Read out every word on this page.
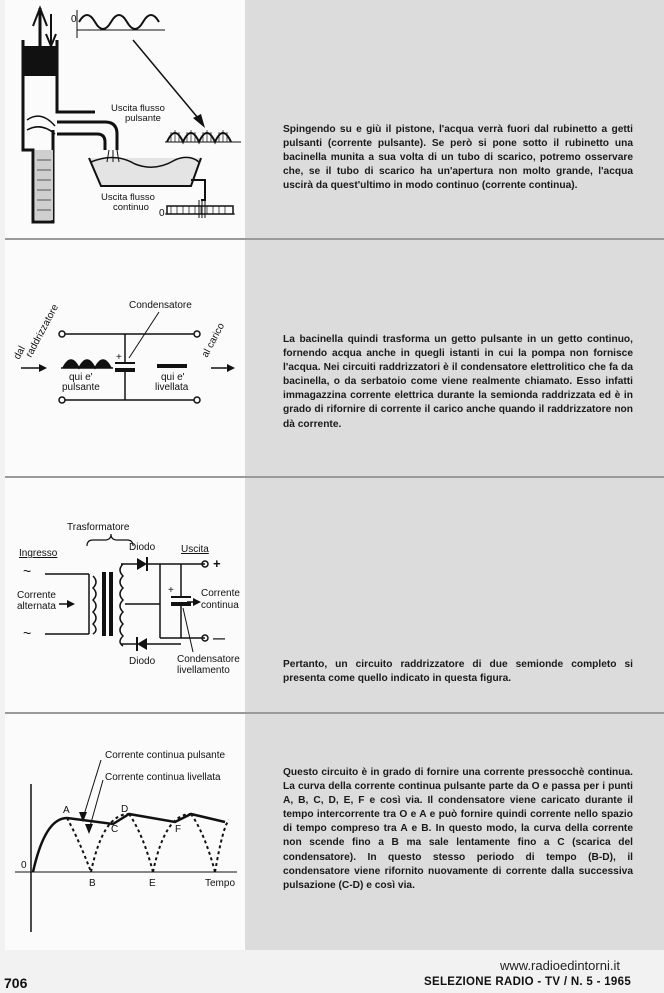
0
0
Uscita flusso
pulsante
Uscita flusso
continuo

Spingendo su e giù il pistone, l'acqua verrà fuori dal rubinetto a getti pulsanti (corrente pulsante). Se però si pone sotto il rubinetto una bacinella munita a sua volta di un tubo di scarico, potremo osservare che, se il tubo di scarico ha un'apertura non molto grande, l'acqua uscirà da quest'ultimo in modo continuo (corrente continua).

+
Condensatore
qui e'
pulsante
qui e'
livellata
dal
raddrizzatore	al carico	La bacinella quindi trasforma un getto pulsante in un getto continuo, fornendo acqua anche in quegli istanti in cui la pompa non fornisce l'acqua. Nei circuiti raddrizzatori è il condensatore elettrolitico che fa da bacinella, o da serbatoio come viene realmente chiamato. Esso infatti immagazzina corrente elettrica durante la semionda raddrizzata ed è in grado di rifornire di corrente il carico anche quando il raddrizzatore non dà corrente.

Trasformatore
Ingresso
~
~
Corrente
alternata
Diodo
Diodo
+
Uscita
+
—
Corrente
continua
Condensatore
livellamento

Pertanto, un circuito raddrizzatore di due semionde completo si presenta come quello indicato in questa figura.

Corrente continua pulsante
Corrente continua livellata
0
A
B
C
D
E
F
Tempo

Questo circuito è in grado di fornire una corrente pressocchè continua. La curva della corrente continua pulsante parte da O e passa per i punti A, B, C, D, E, F e così via. Il condensatore viene caricato durante il tempo intercorrente tra O e A e può fornire quindi corrente nello spazio di tempo compreso tra A e B. In questo modo, la curva della corrente non scende fino a B ma sale lentamente fino a C (scarica del condensatore). In questo stesso periodo di tempo (B-D), il condensatore viene rifornito nuovamente di corrente dalla successiva pulsazione (C-D) e così via.

www.radioedintorni.it
706	SELEZIONE RADIO - TV / N. 5 - 1965
